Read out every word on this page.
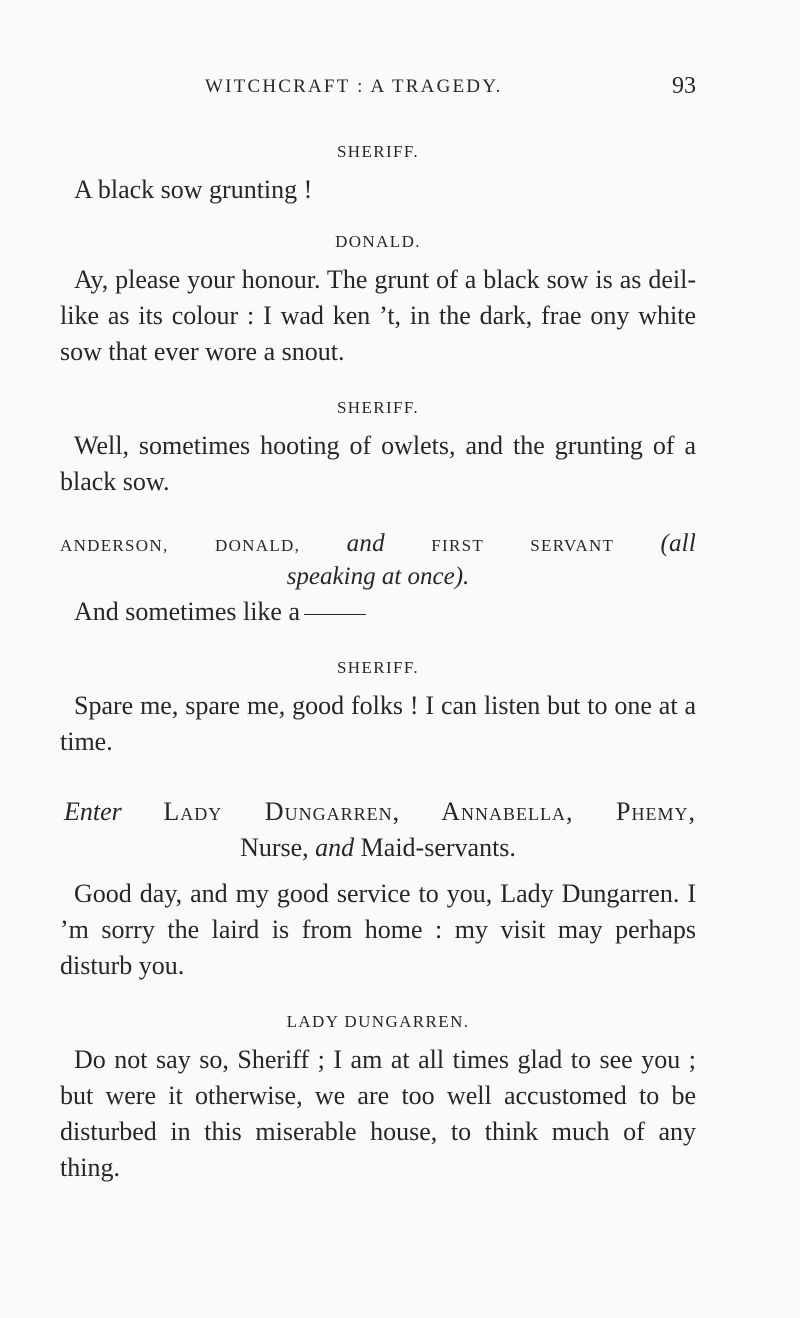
WITCHCRAFT : A TRAGEDY.	93

SHERIFF.

A black sow grunting !

DONALD.

Ay, please your honour. The grunt of a black sow is as deil-like as its colour : I wad ken ’t, in the dark, frae ony white sow that ever wore a snout.

SHERIFF.

Well, sometimes hooting of owlets, and the grunting of a black sow.

ANDERSON, DONALD, and	FIRST SERVANT (all

speaking at once).

And sometimes like a

SHERIFF.

Spare me, spare me, good folks ! I can listen but to one at a time.

Enter Lady Dungarren, Annabella, Phemy,

Nurse, and Maid-servants.

Good day, and my good service to you, Lady Dungarren. I ’m sorry the laird is from home : my visit may perhaps disturb you.

LADY DUNGARREN.

Do not say so, Sheriff ; I am at all times glad to see you ; but were it otherwise, we are too well accustomed to be disturbed in this miserable house, to think much of any thing.
